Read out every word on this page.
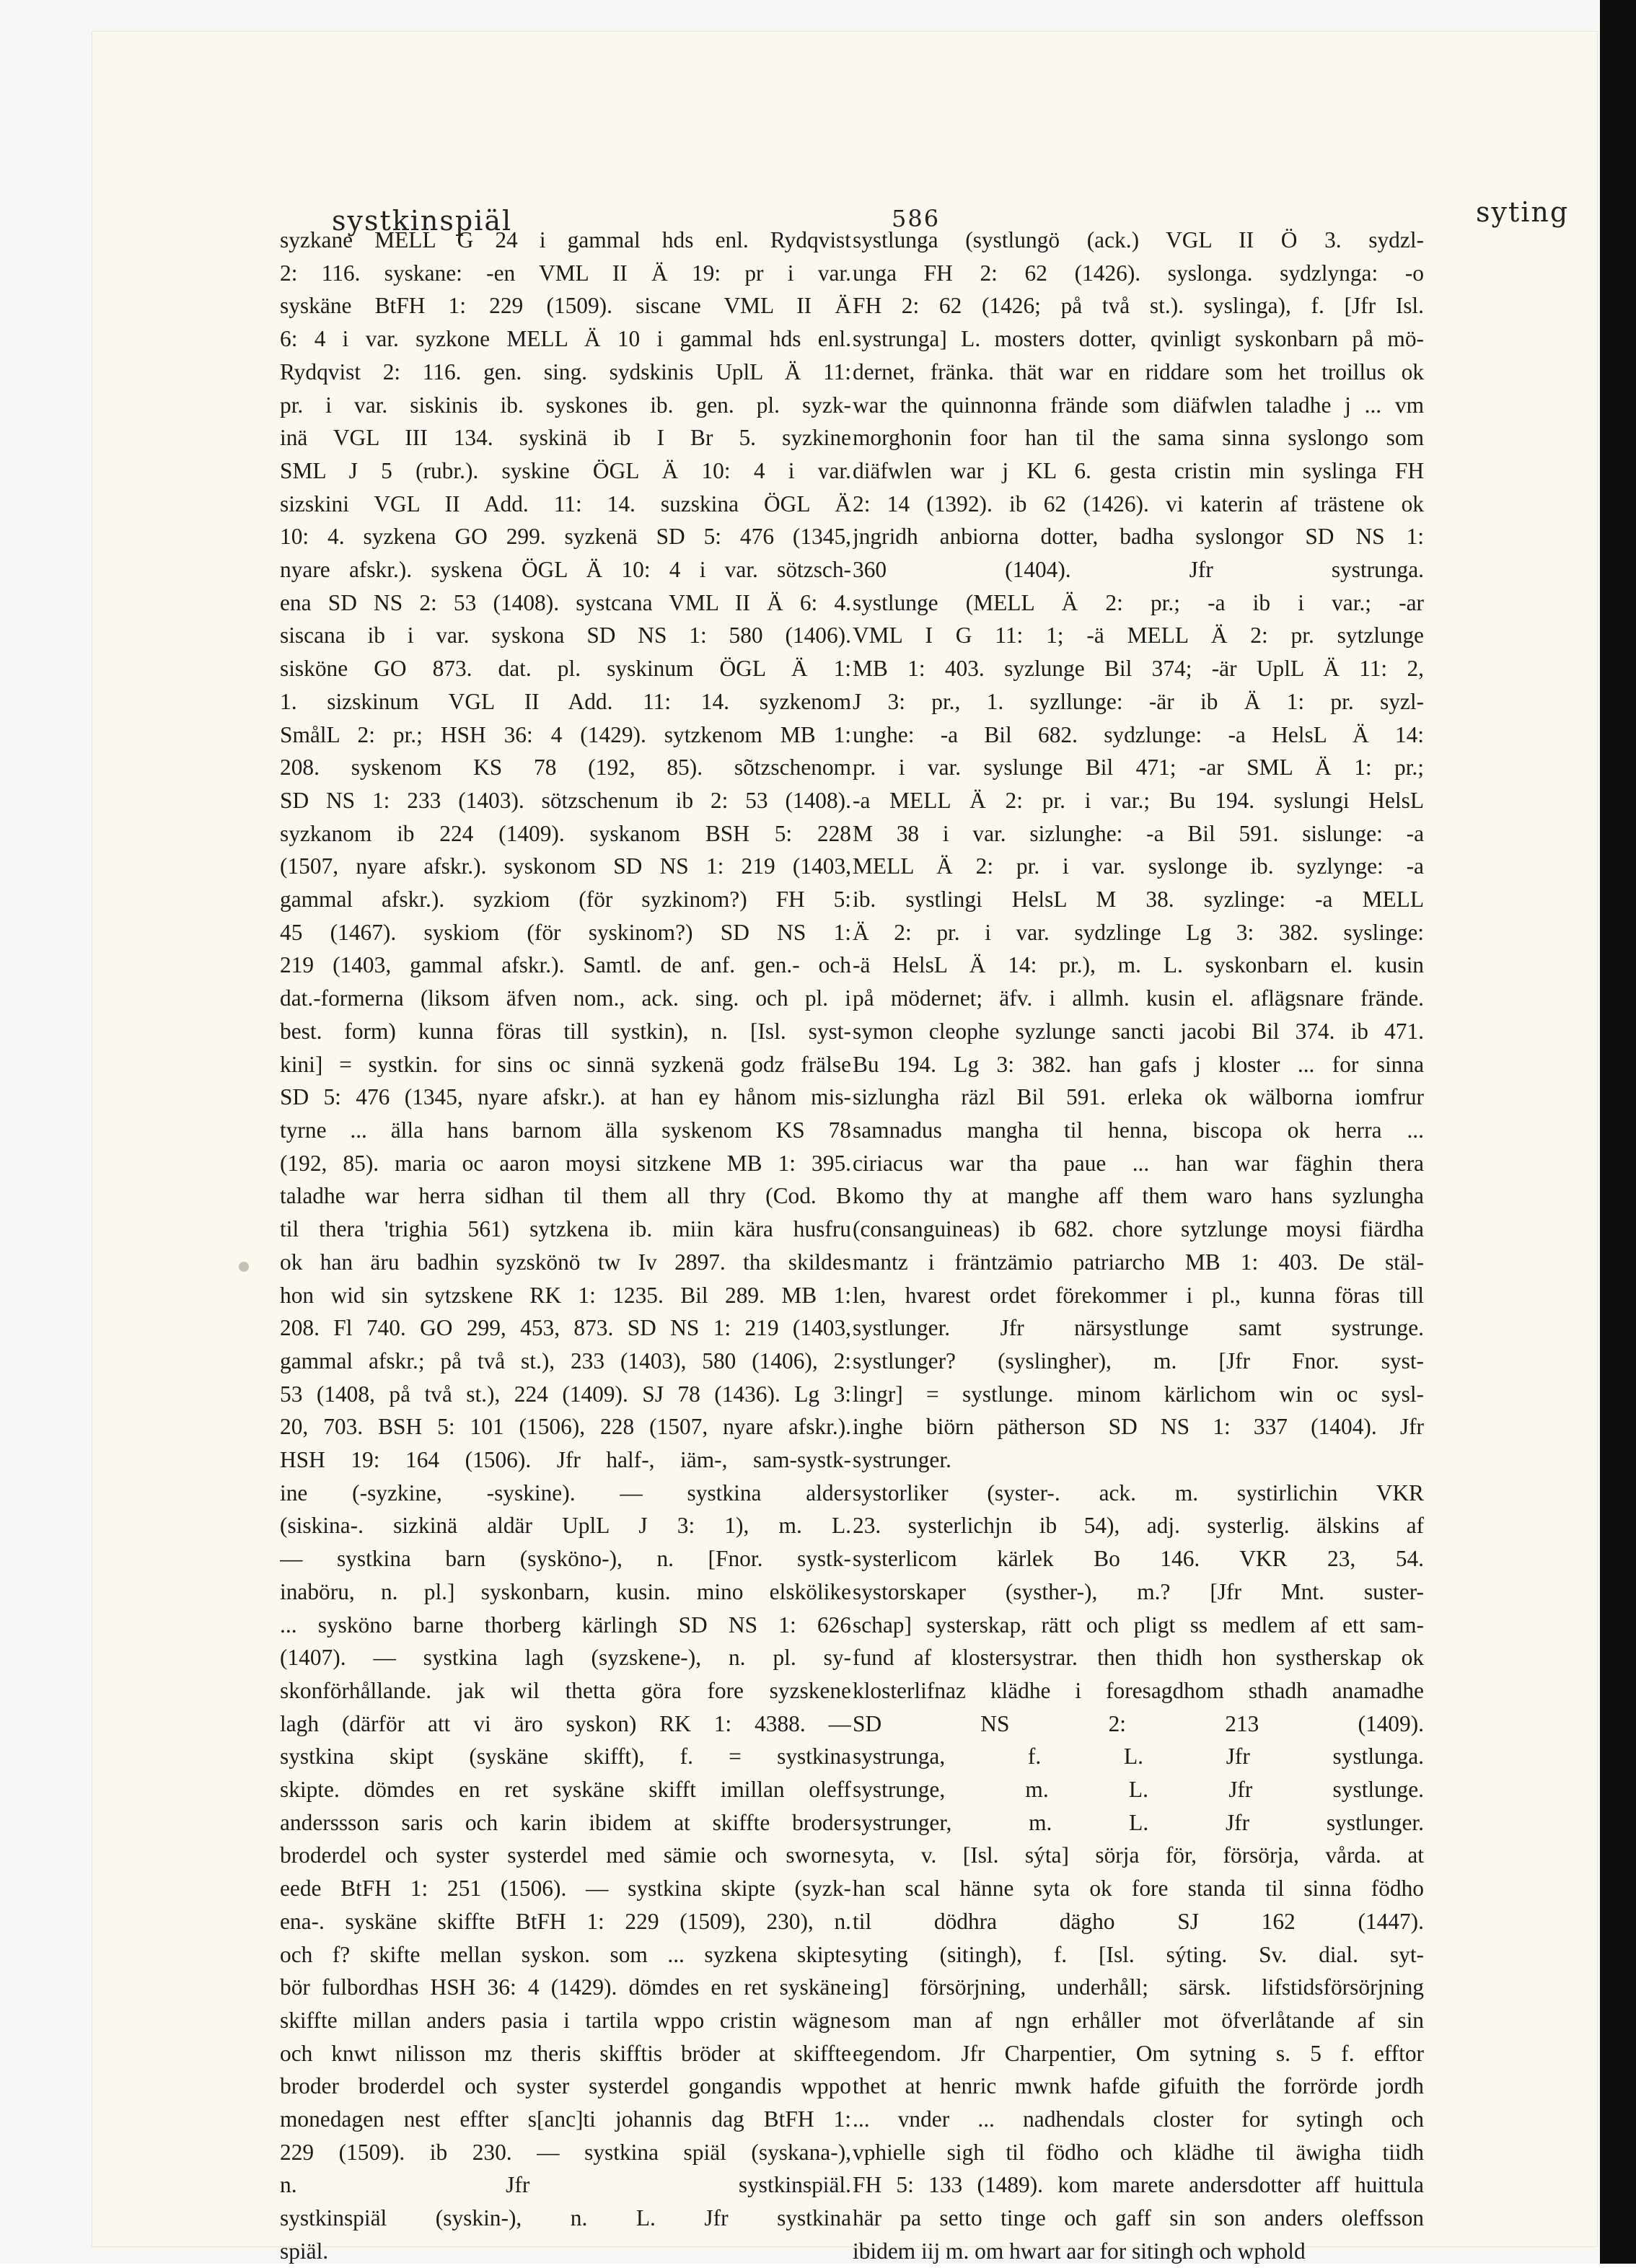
systkinspiäl	586	syting
syzkane MELL G 24 i gammal hds enl. Rydqvist
2: 116. syskane: -en VML II Ä 19: pr i var.
syskäne BtFH 1: 229 (1509). siscane VML II Ä
6: 4 i var. syzkone MELL Ä 10 i gammal hds enl.
Rydqvist 2: 116. gen. sing. sydskinis UplL Ä 11:
pr. i var. siskinis ib. syskones ib. gen. pl. syzk-
inä VGL III 134. syskinä ib I Br 5. syzkine
SML J 5 (rubr.). syskine ÖGL Ä 10: 4 i var.
sizskini VGL II Add. 11: 14. suzskina ÖGL Ä
10: 4. syzkena GO 299. syzkenä SD 5: 476 (1345,
nyare afskr.). syskena ÖGL Ä 10: 4 i var. sötzsch-
ena SD NS 2: 53 (1408). systcana VML II Ä 6: 4.
siscana ib i var. syskona SD NS 1: 580 (1406).
sisköne GO 873. dat. pl. syskinum ÖGL Ä 1:
1. sizskinum VGL II Add. 11: 14. syzkenom
SmålL 2: pr.; HSH 36: 4 (1429). sytzkenom MB 1:
208. syskenom KS 78 (192, 85). sõtzschenom
SD NS 1: 233 (1403). sötzschenum ib 2: 53 (1408).
syzkanom ib 224 (1409). syskanom BSH 5: 228
(1507, nyare afskr.). syskonom SD NS 1: 219 (1403,
gammal afskr.). syzkiom (för syzkinom?) FH 5:
45 (1467). syskiom (för syskinom?) SD NS 1:
219 (1403, gammal afskr.). Samtl. de anf. gen.- och
dat.-formerna (liksom äfven nom., ack. sing. och pl. i
best. form) kunna föras till systkin), n. [Isl. syst-
kini] = systkin. for sins oc sinnä syzkenä godz frälse
SD 5: 476 (1345, nyare afskr.). at han ey hånom mis-
tyrne ... älla hans barnom älla syskenom KS 78
(192, 85). maria oc aaron moysi sitzkene MB 1: 395.
taladhe war herra sidhan til them all thry (Cod. B
til thera 'trighia 561) sytzkena ib. miin kära husfru
ok han äru badhin syzskönö tw Iv 2897. tha skildes
hon wid sin sytzskene RK 1: 1235. Bil 289. MB 1:
208. Fl 740. GO 299, 453, 873. SD NS 1: 219 (1403,
gammal afskr.; på två st.), 233 (1403), 580 (1406), 2:
53 (1408, på två st.), 224 (1409). SJ 78 (1436). Lg 3:
20, 703. BSH 5: 101 (1506), 228 (1507, nyare afskr.).
HSH 19: 164 (1506). Jfr half-, iäm-, sam-systk-
ine (-syzkine, -syskine). — systkina alder
(siskina-. sizkinä aldär UplL J 3: 1), m. L.
— systkina barn (sysköno-), n. [Fnor. systk-
inaböru, n. pl.] syskonbarn, kusin. mino elskölike
... sysköno barne thorberg kärlingh SD NS 1: 626
(1407). — systkina lagh (syzskene-), n. pl. sy-
skonförhållande. jak wil thetta göra fore syzskene
lagh (därför att vi äro syskon) RK 1: 4388. —
systkina skipt (syskäne skifft), f. = systkina
skipte. dömdes en ret syskäne skifft imillan oleff
anderssson saris och karin ibidem at skiffte broder
broderdel och syster systerdel med sämie och sworne
eede BtFH 1: 251 (1506). — systkina skipte (syzk-
ena-. syskäne skiffte BtFH 1: 229 (1509), 230), n.
och f? skifte mellan syskon. som ... syzkena skipte
bör fulbordhas HSH 36: 4 (1429). dömdes en ret syskäne
skiffte millan anders pasia i tartila wppo cristin wägne
och knwt nilisson mz theris skifftis bröder at skiffte
broder broderdel och syster systerdel gongandis wppo
monedagen nest effter s[anc]ti johannis dag BtFH 1:
229 (1509). ib 230. — systkina spiäl (syskana-),
n. Jfr systkinspiäl.
systkinspiäl (syskin-), n. L. Jfr systkina
spiäl.
systlunga (systlungö (ack.) VGL II Ö 3. sydzl-
unga FH 2: 62 (1426). syslonga. sydzlynga: -o
FH 2: 62 (1426; på två st.). syslinga), f. [Jfr Isl.
systrunga] L. mosters dotter, qvinligt syskonbarn på mö-
dernet, fränka. thät war en riddare som het troillus ok
war the quinnonna frände som diäfwlen taladhe j ... vm
morghonin foor han til the sama sinna syslongo som
diäfwlen war j KL 6. gesta cristin min syslinga FH
2: 14 (1392). ib 62 (1426). vi katerin af trästene ok
jngridh anbiorna dotter, badha syslongor SD NS 1:
360 (1404). Jfr systrunga.
systlunge (MELL Ä 2: pr.; -a ib i var.; -ar
VML I G 11: 1; -ä MELL Ä 2: pr. sytzlunge
MB 1: 403. syzlunge Bil 374; -är UplL Ä 11: 2,
J 3: pr., 1. syzllunge: -är ib Ä 1: pr. syzl-
unghe: -a Bil 682. sydzlunge: -a HelsL Ä 14:
pr. i var. syslunge Bil 471; -ar SML Ä 1: pr.;
-a MELL Ä 2: pr. i var.; Bu 194. syslungi HelsL
M 38 i var. sizlunghe: -a Bil 591. sislunge: -a
MELL Ä 2: pr. i var. syslonge ib. syzlynge: -a
ib. systlingi HelsL M 38. syzlinge: -a MELL
Ä 2: pr. i var. sydzlinge Lg 3: 382. syslinge:
-ä HelsL Ä 14: pr.), m. L. syskonbarn el. kusin
på mödernet; äfv. i allmh. kusin el. aflägsnare frände.
symon cleophe syzlunge sancti jacobi Bil 374. ib 471.
Bu 194. Lg 3: 382. han gafs j kloster ... for sinna
sizlungha räzl Bil 591. erleka ok wälborna iomfrur
samnadus mangha til henna, biscopa ok herra ...
ciriacus war tha paue ... han war fäghin thera
komo thy at manghe aff them waro hans syzlungha
(consanguineas) ib 682. chore sytzlunge moysi fiärdha
mantz i fräntzämio patriarcho MB 1: 403. De stäl-
len, hvarest ordet förekommer i pl., kunna föras till
systlunger. Jfr närsystlunge samt systrunge.
systlunger? (syslingher), m. [Jfr Fnor. syst-
lingr] = systlunge. minom kärlichom win oc sysl-
inghe biörn pätherson SD NS 1: 337 (1404). Jfr
systrunger.
systorliker (syster-. ack. m. systirlichin VKR
23. systerlichjn ib 54), adj. systerlig. älskins af
systerlicom kärlek Bo 146. VKR 23, 54.
systorskaper (systher-), m.? [Jfr Mnt. suster-
schap] systerskap, rätt och pligt ss medlem af ett sam-
fund af klostersystrar. then thidh hon systherskap ok
klosterlifnaz klädhe i foresagdhom sthadh anamadhe
SD NS 2: 213 (1409).
systrunga, f. L. Jfr systlunga.
systrunge, m. L. Jfr systlunge.
systrunger, m. L. Jfr systlunger.
syta, v. [Isl. sýta] sörja för, försörja, vårda. at
han scal hänne syta ok fore standa til sinna födho
til dödhra dägho SJ 162 (1447).
syting (sitingh), f. [Isl. sýting. Sv. dial. syt-
ing] försörjning, underhåll; särsk. lifstidsförsörjning
som man af ngn erhåller mot öfverlåtande af sin
egendom. Jfr Charpentier, Om sytning s. 5 f. efftor
thet at henric mwnk hafde gifuith the forrörde jordh
... vnder ... nadhendals closter for sytingh och
vphielle sigh til födho och klädhe til äwigha tiidh
FH 5: 133 (1489). kom marete andersdotter aff huittula
här pa setto tinge och gaff sin son anders oleffsson
ibidem iij m. om hwart aar for sitingh och wphold
